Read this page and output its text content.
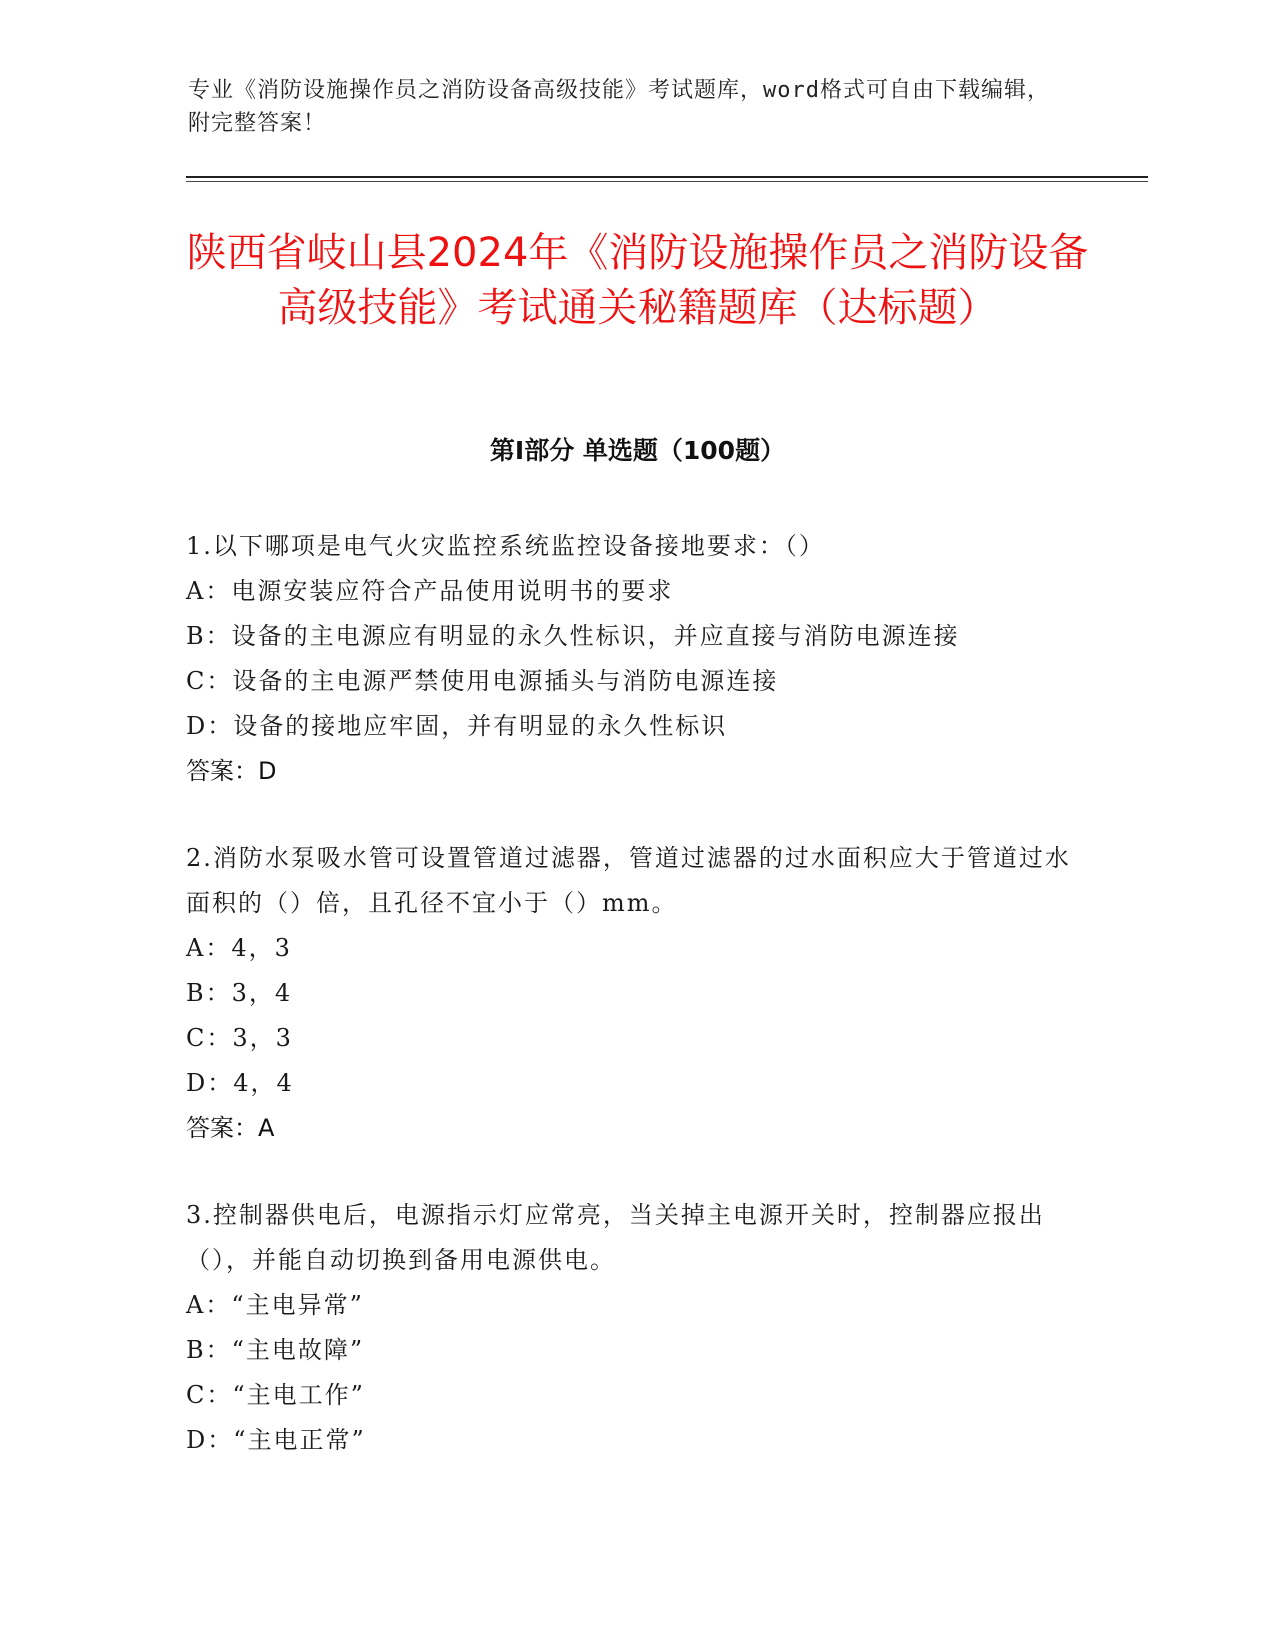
专业《消防设施操作员之消防设备高级技能》考试题库，word格式可自由下载编辑，附完整答案！
陕西省岐山县2024年《消防设施操作员之消防设备高级技能》考试通关秘籍题库（达标题）
第I部分 单选题（100题）

1.以下哪项是电气火灾监控系统监控设备接地要求：（）

A：电源安装应符合产品使用说明书的要求

B：设备的主电源应有明显的永久性标识，并应直接与消防电源连接

C：设备的主电源严禁使用电源插头与消防电源连接

D：设备的接地应牢固，并有明显的永久性标识

答案：D

2.消防水泵吸水管可设置管道过滤器，管道过滤器的过水面积应大于管道过水面积的（）倍，且孔径不宜小于（）mm。

A：4，3

B：3，4

C：3，3

D：4，4

答案：A

3.控制器供电后，电源指示灯应常亮，当关掉主电源开关时，控制器应报出（），并能自动切换到备用电源供电。

A：“主电异常”

B：“主电故障”

C：“主电工作”

D：“主电正常”
